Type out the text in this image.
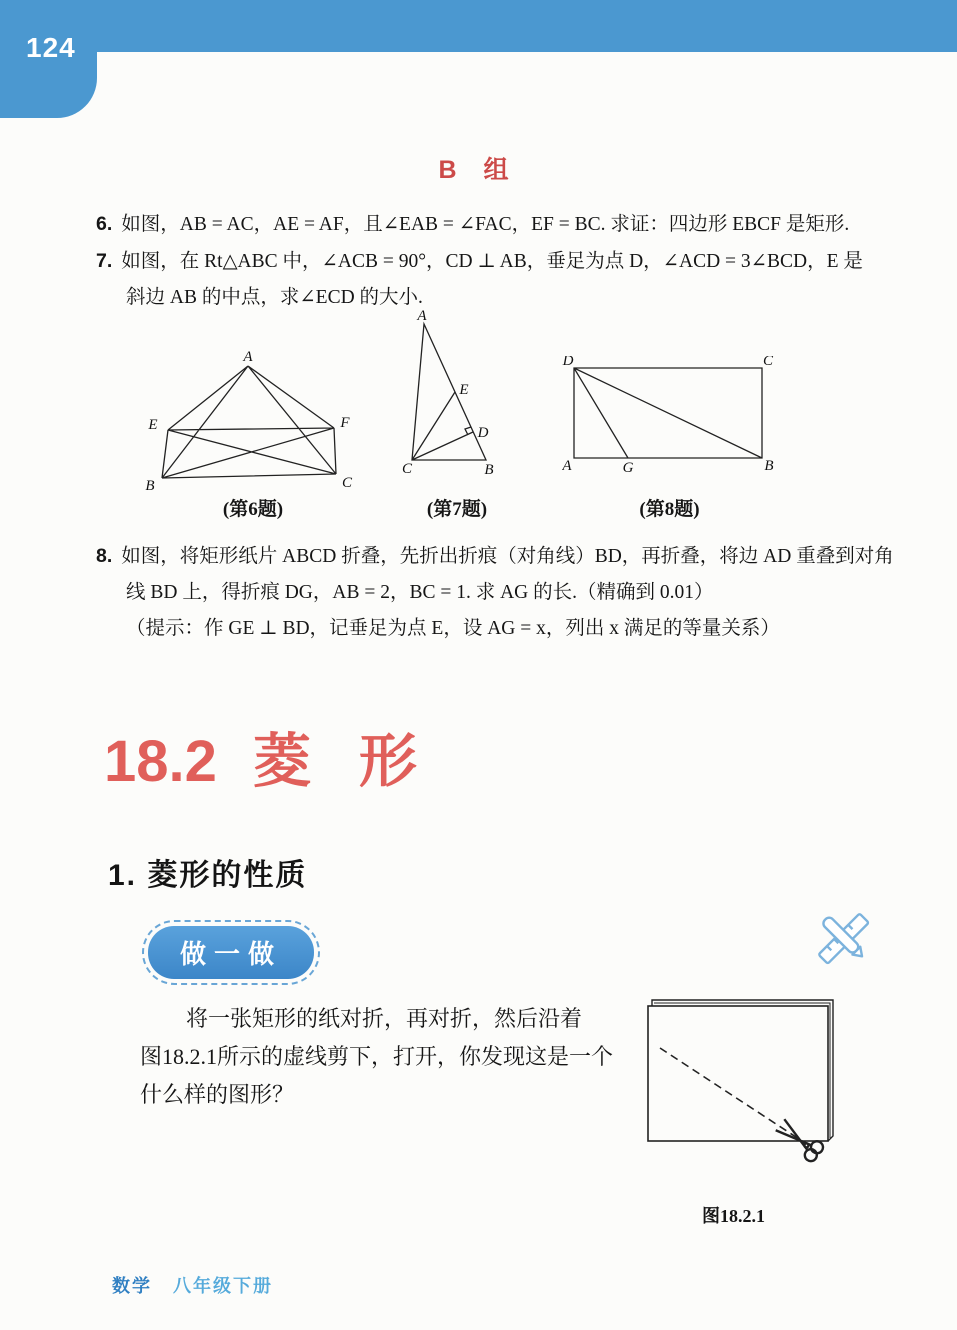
124
B 组
6. 如图，AB = AC，AE = AF，且∠EAB = ∠FAC，EF = BC. 求证：四边形 EBCF 是矩形.
7. 如图，在 Rt△ABC 中，∠ACB = 90°，CD ⊥ AB，垂足为点 D，∠ACD = 3∠BCD，E 是
斜边 AB 的中点，求∠ECD 的大小.
A
E	F
B	C
A
E
D
C	B
D	C
A	G	B
(第6题)	(第7题)	(第8题)
8. 如图，将矩形纸片 ABCD 折叠，先折出折痕（对角线）BD，再折叠，将边 AD 重叠到对角
线 BD 上，得折痕 DG，AB = 2，BC = 1. 求 AG 的长.（精确到 0.01）
（提示：作 GE ⊥ BD，记垂足为点 E，设 AG = x，列出 x 满足的等量关系）
18.2 菱形
1. 菱形的性质
做一做
将一张矩形的纸对折，再对折，然后沿着
图18.2.1所示的虚线剪下，打开，你发现这是一个
什么样的图形？
图18.2.1
数学 八年级下册
